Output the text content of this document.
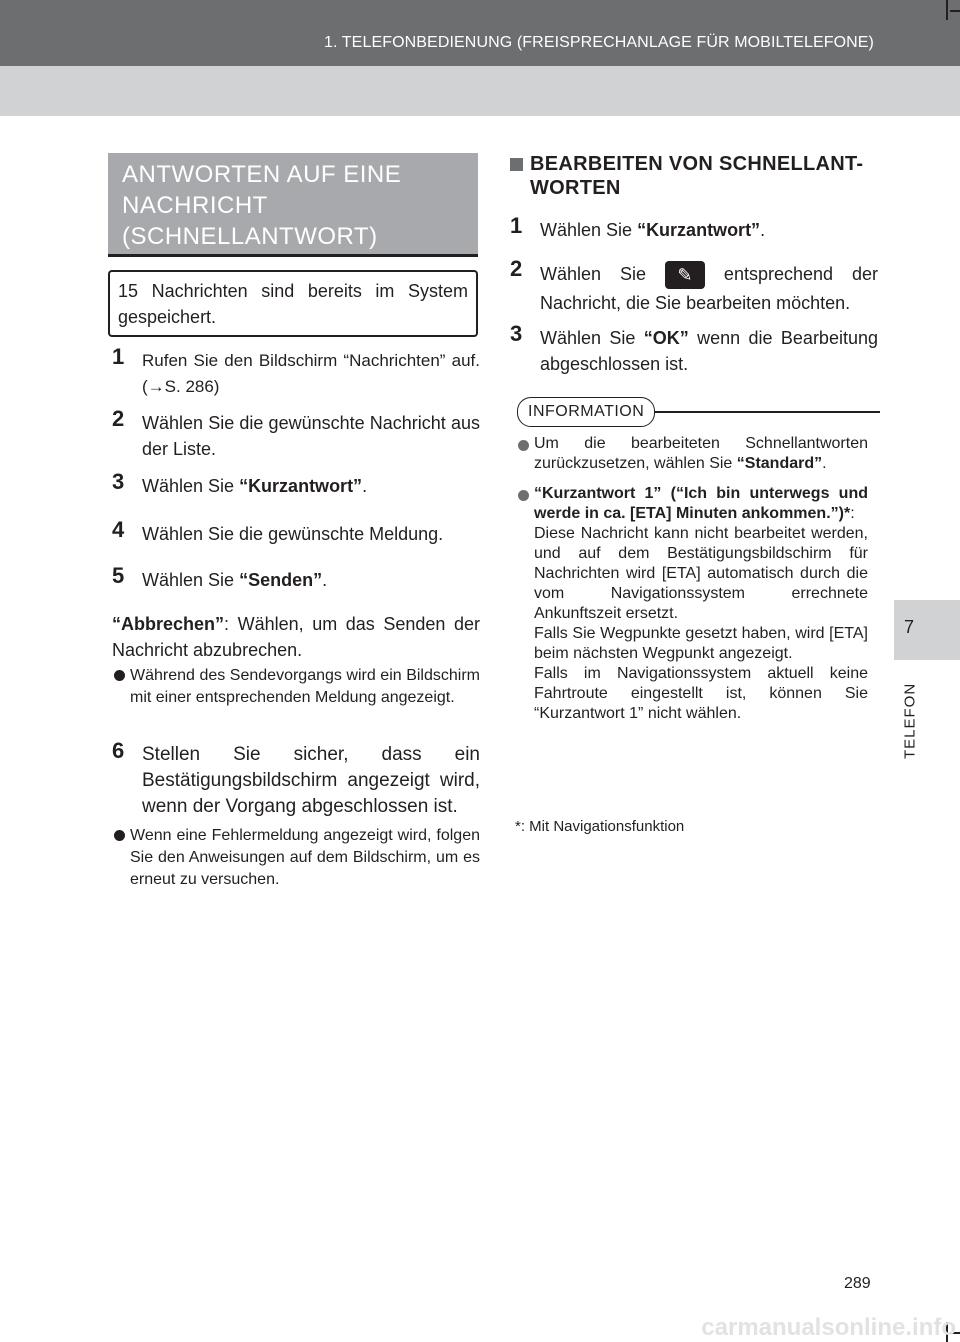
1. TELEFONBEDIENUNG (FREISPRECHANLAGE FÜR MOBILTELEFONE)
7
TELEFON
ANTWORTEN AUF EINE
NACHRICHT
(SCHNELLANTWORT)
15 Nachrichten sind bereits im System gespeichert.
1 Rufen Sie den Bildschirm “Nachrichten” auf. (→S. 286)
2 Wählen Sie die gewünschte Nachricht aus der Liste.
3 Wählen Sie “Kurzantwort”.
4 Wählen Sie die gewünschte Meldung.
5 Wählen Sie “Senden”.
“Abbrechen”: Wählen, um das Senden der Nachricht abzubrechen.
Während des Sendevorgangs wird ein Bildschirm mit einer entsprechenden Meldung angezeigt.
6 Stellen Sie sicher, dass ein Bestätigungsbildschirm angezeigt wird, wenn der Vorgang abgeschlossen ist.
Wenn eine Fehlermeldung angezeigt wird, folgen Sie den Anweisungen auf dem Bildschirm, um es erneut zu versuchen.
BEARBEITEN VON SCHNELLANT-
WORTEN
1 Wählen Sie “Kurzantwort”.
2 Wählen Sie ✎ entsprechend der Nachricht, die Sie bearbeiten möchten.
3 Wählen Sie “OK” wenn die Bearbeitung abgeschlossen ist.
INFORMATION
Um die bearbeiteten Schnellantworten zurückzusetzen, wählen Sie “Standard”.
“Kurzantwort 1” (“Ich bin unterwegs und werde in ca. [ETA] Minuten ankommen.”)*:
Diese Nachricht kann nicht bearbeitet werden, und auf dem Bestätigungsbildschirm für Nachrichten wird [ETA] automatisch durch die vom Navigationssystem errechnete Ankunftszeit ersetzt.
Falls Sie Wegpunkte gesetzt haben, wird [ETA] beim nächsten Wegpunkt angezeigt.
Falls im Navigationssystem aktuell keine Fahrtroute eingestellt ist, können Sie “Kurzantwort 1” nicht wählen.
*: Mit Navigationsfunktion
289
carmanualsonline.info
